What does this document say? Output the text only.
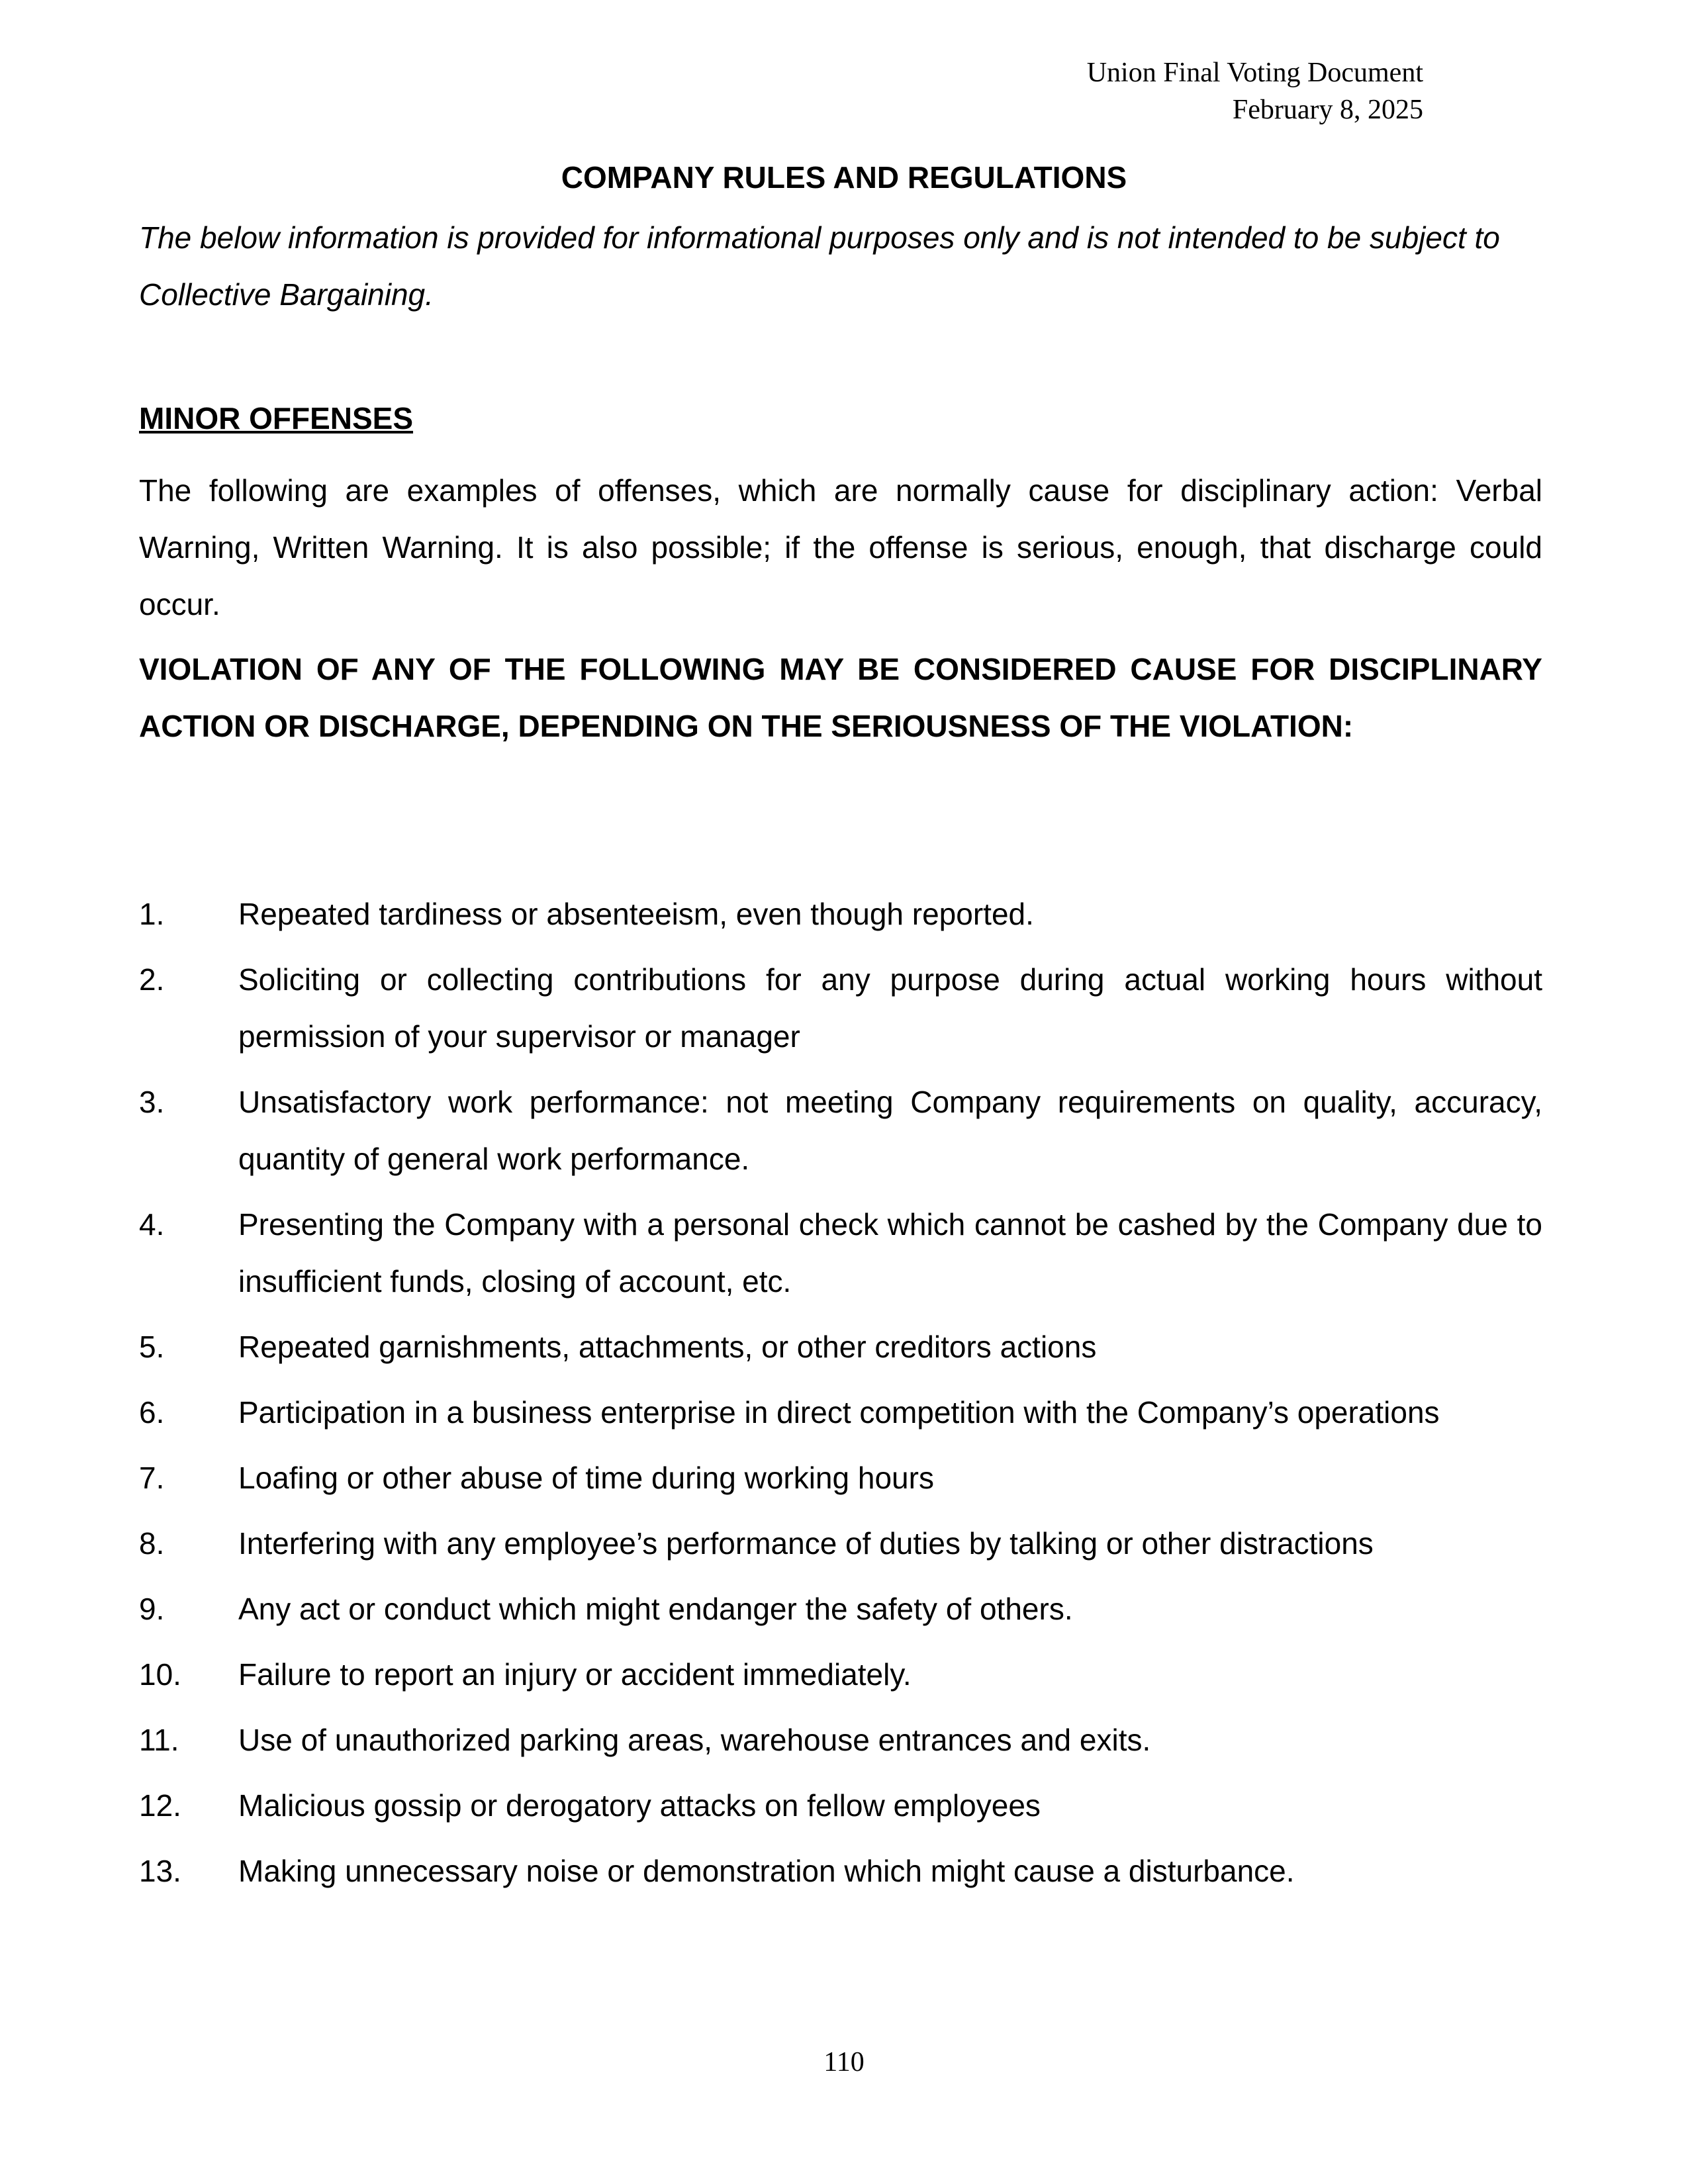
Union Final Voting Document
February 8, 2025
COMPANY RULES AND REGULATIONS
The below information is provided for informational purposes only and is not intended to be subject to Collective Bargaining.
MINOR OFFENSES
The following are examples of offenses, which are normally cause for disciplinary action: Verbal Warning, Written Warning. It is also possible; if the offense is serious, enough, that discharge could occur.
VIOLATION OF ANY OF THE FOLLOWING MAY BE CONSIDERED CAUSE FOR DISCIPLINARY ACTION OR DISCHARGE, DEPENDING ON THE SERIOUSNESS OF THE VIOLATION:
1.	Repeated tardiness or absenteeism, even though reported.
2.	Soliciting or collecting contributions for any purpose during actual working hours without permission of your supervisor or manager
3.	Unsatisfactory work performance: not meeting Company requirements on quality, accuracy, quantity of general work performance.
4.	Presenting the Company with a personal check which cannot be cashed by the Company due to insufficient funds, closing of account, etc.
5.	Repeated garnishments, attachments, or other creditors actions
6.	Participation in a business enterprise in direct competition with the Company’s operations
7.	Loafing or other abuse of time during working hours
8.	Interfering with any employee’s performance of duties by talking or other distractions
9.	Any act or conduct which might endanger the safety of others.
10.	Failure to report an injury or accident immediately.
11.	Use of unauthorized parking areas, warehouse entrances and exits.
12.	Malicious gossip or derogatory attacks on fellow employees
13.	Making unnecessary noise or demonstration which might cause a disturbance.
110
